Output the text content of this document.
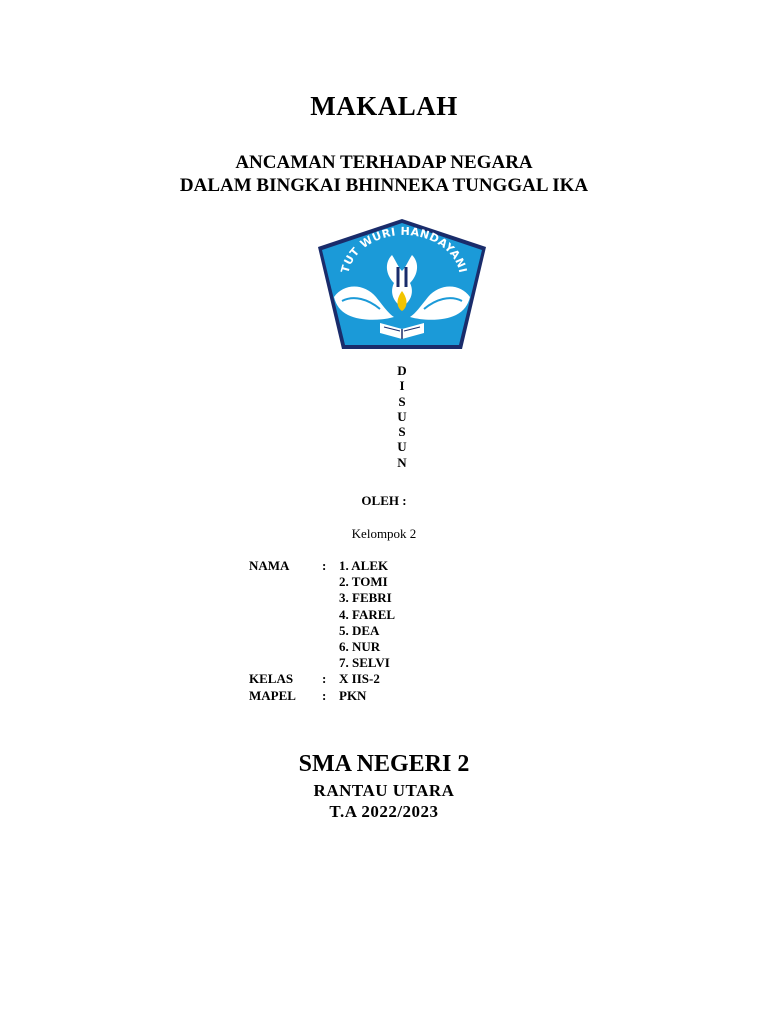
MAKALAH
ANCAMAN TERHADAP NEGARA
DALAM BINGKAI BHINNEKA TUNGGAL IKA
TUT WURI HANDAYANI
D
I
S
U
S
U
N
OLEH :
Kelompok 2
NAMA	: 1. ALEK
2. TOMI
3. FEBRI
4. FAREL
5. DEA
6. NUR
7. SELVI
KELAS : X IIS-2
MAPEL : PKN
SMA NEGERI 2
RANTAU UTARA
T.A 2022/2023
